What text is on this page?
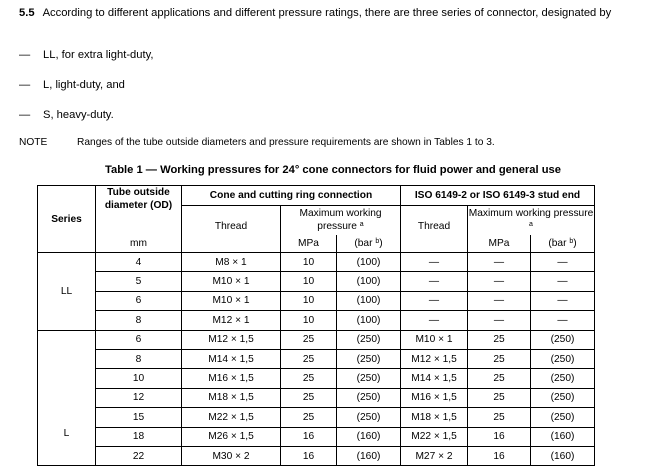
5.5 According to different applications and different pressure ratings, there are three series of connector, designated by
— LL, for extra light-duty,
— L, light-duty, and
— S, heavy-duty.
NOTE	Ranges of the tube outside diameters and pressure requirements are shown in Tables 1 to 3.
Table 1 — Working pressures for 24° cone connectors for fluid power and general use
Series	Tube outside diameter (OD)	Cone and cutting ring connection			ISO 6149-2 or ISO 6149-3 stud end		
		Thread	Maximum working pressure $^a$		Thread	Maximum working pressure $^a$
	mm		MPa	(bar $^b$)		MPa	(bar $^b$)
LL	4	M8 × 1	10	(100)	—	—	—
	5	M10 × 1	10	(100)	—	—	—
	6	M10 × 1	10	(100)	—	—	—
	8	M12 × 1	10	(100)	—	—	—
L	6	M12 × 1,5	25	(250)	M10 × 1	25	(250)
	8	M14 × 1,5	25	(250)	M12 × 1,5	25	(250)
	10	M16 × 1,5	25	(250)	M14 × 1,5	25	(250)
	12	M18 × 1,5	25	(250)	M16 × 1,5	25	(250)
	15	M22 × 1,5	25	(250)	M18 × 1,5	25	(250)
	18	M26 × 1,5	16	(160)	M22 × 1,5	16	(160)
	22	M30 × 2	16	(160)	M27 × 2	16	(160)
